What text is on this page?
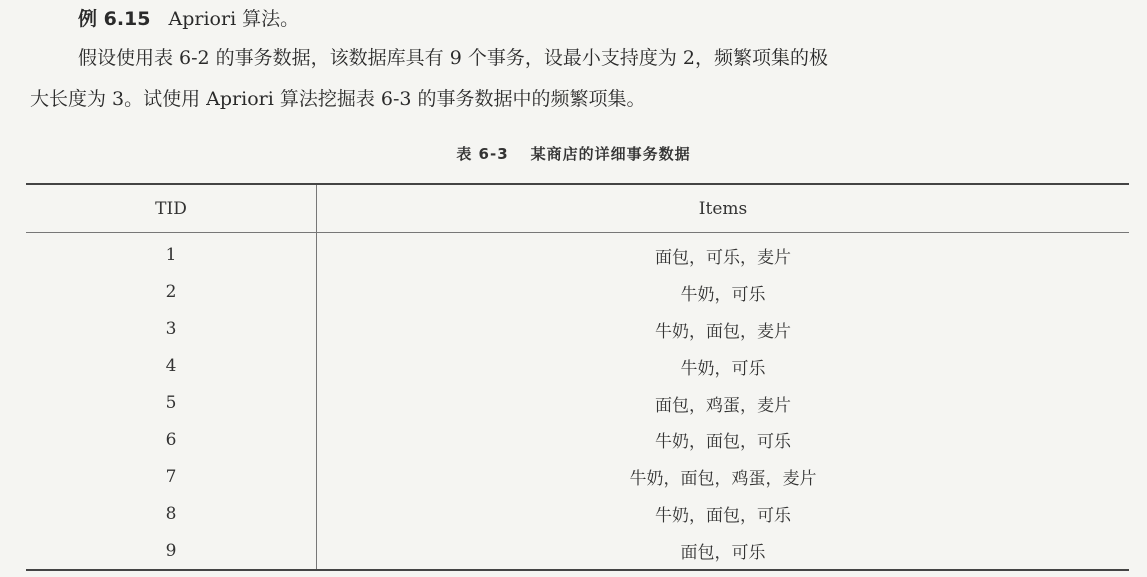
例 6.15 Apriori 算法。
假设使用表 6-2 的事务数据，该数据库具有 9 个事务，设最小支持度为 2，频繁项集的极
大长度为 3。试使用 Apriori 算法挖掘表 6-3 的事务数据中的频繁项集。
表 6-3 某商店的详细事务数据
TID	Items
1	面包，可乐，麦片
2	牛奶，可乐
3	牛奶，面包，麦片
4	牛奶，可乐
5	面包，鸡蛋，麦片
6	牛奶，面包，可乐
7	牛奶，面包，鸡蛋，麦片
8	牛奶，面包，可乐
9	面包，可乐
